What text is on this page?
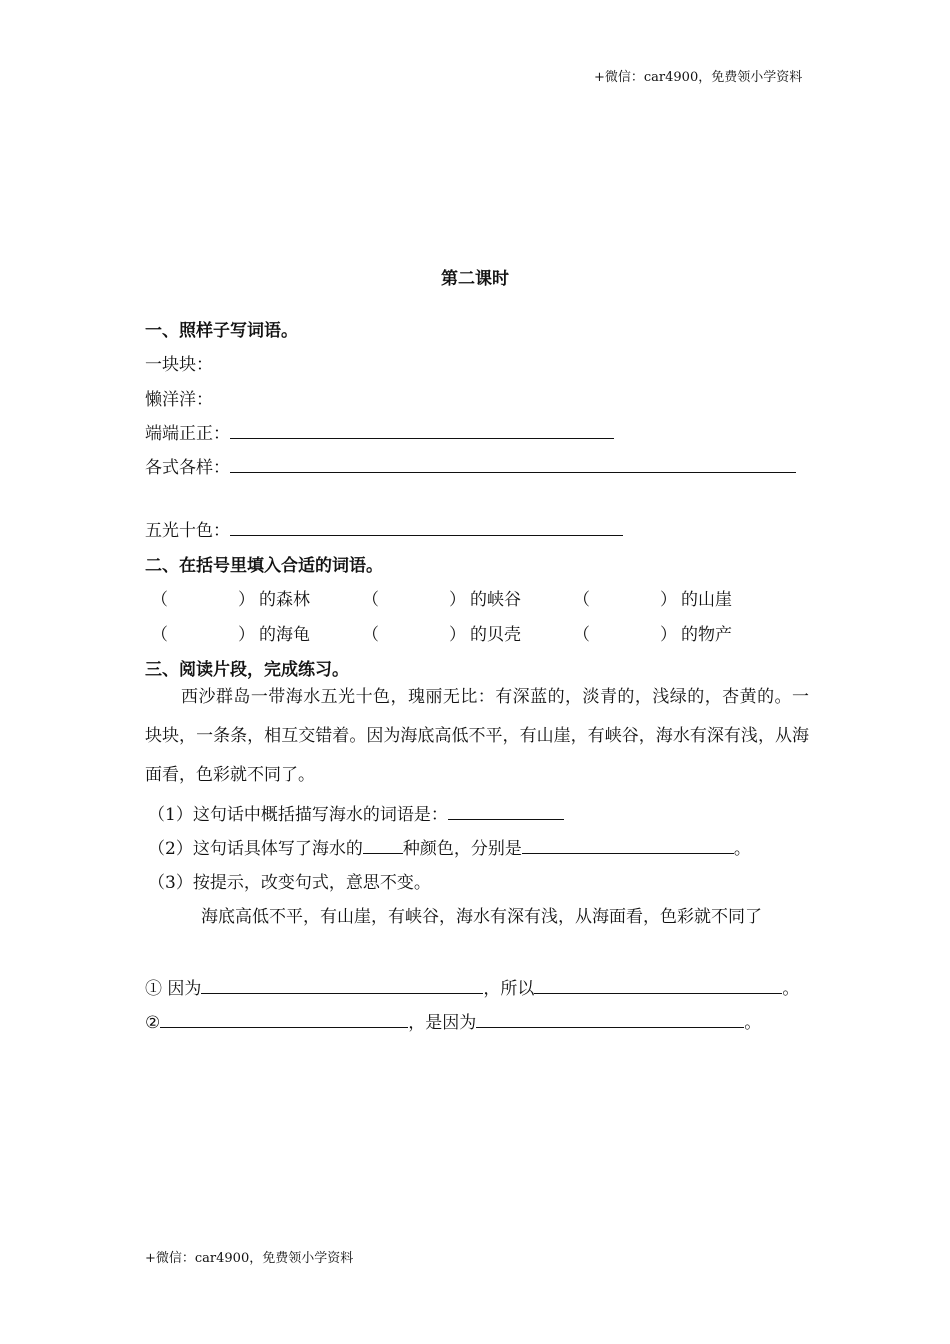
+微信：car4900，免费领小学资料
第二课时
一、照样子写词语。
一块块：
懒洋洋：
端端正正：
各式各样：
五光十色：
二、在括号里填入合适的词语。
（	） 的森林	（	） 的峡谷	（	） 的山崖
（	） 的海龟	（	） 的贝壳	（	） 的物产
三、阅读片段，完成练习。
西沙群岛一带海水五光十色，瑰丽无比：有深蓝的，淡青的，浅绿的，杏黄的。一块块，一条条，相互交错着。因为海底高低不平，有山崖，有峡谷，海水有深有浅，从海面看，色彩就不同了。
（1）这句话中概括描写海水的词语是：
（2）这句话具体写了海水的 种颜色，分别是	。
（3）按提示，改变句式，意思不变。
海底高低不平，有山崖，有峡谷，海水有深有浅，从海面看，色彩就不同了
① 因为	，所以	。
②	，是因为	。
+微信：car4900，免费领小学资料
